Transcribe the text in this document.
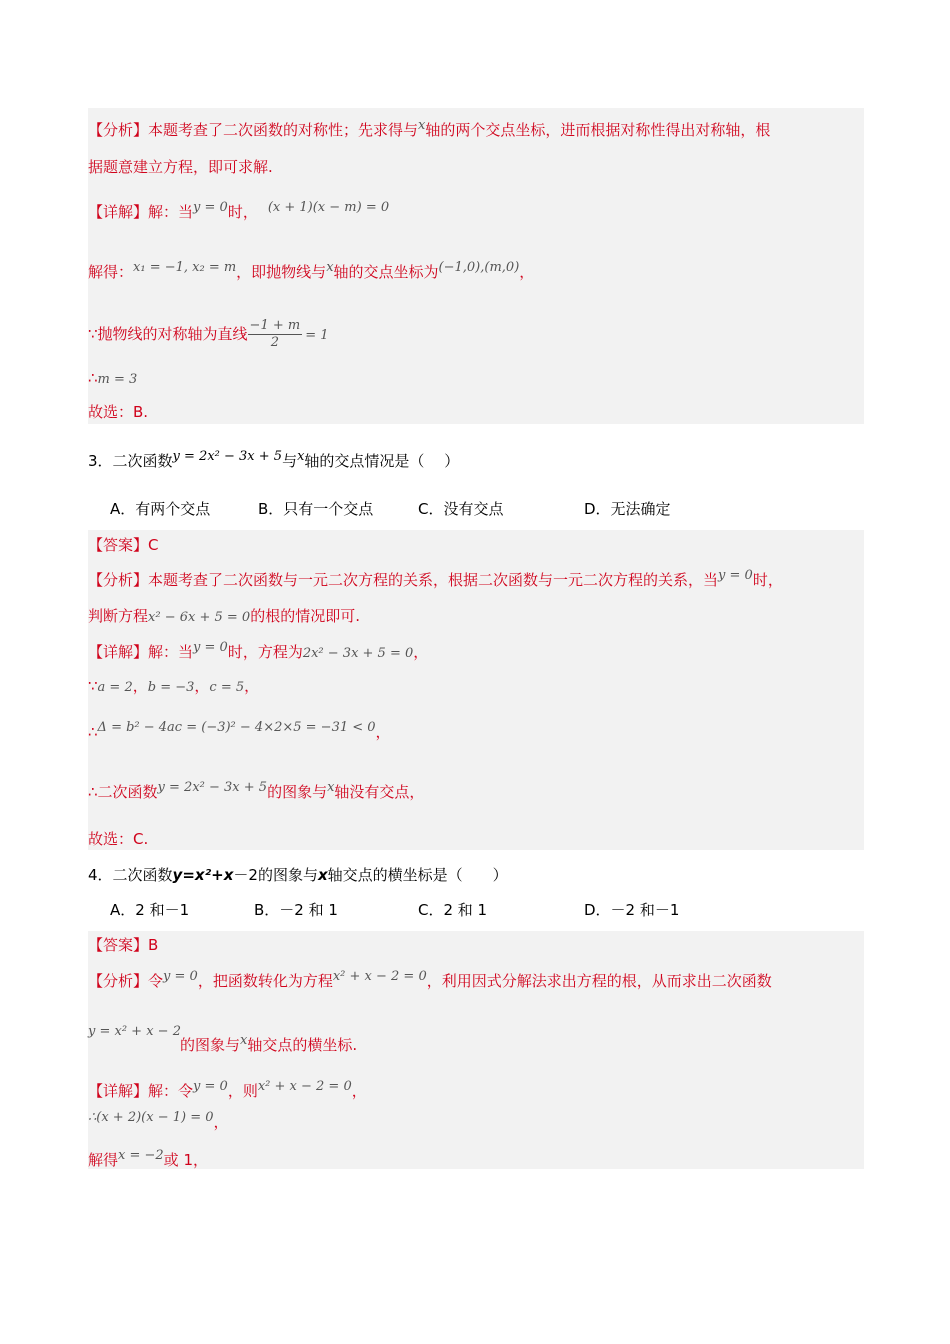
【分析】本题考查了二次函数的对称性；先求得与x轴的两个交点坐标，进而根据对称性得出对称轴，根
据题意建立方程，即可求解.
【详解】解：当y = 0时， (x + 1)(x − m) = 0
解得：x₁ = −1, x₂ = m，即抛物线与x轴的交点坐标为(−1,0),(m,0)，
∵抛物线的对称轴为直线 $\frac{-1 + m}{2} = 1$
∴m = 3
故选：B.
3．二次函数y = 2x² − 3x + 5与x轴的交点情况是（　 ）
A．有两个交点	B．只有一个交点	C．没有交点	D．无法确定
【答案】C
【分析】本题考查了二次函数与一元二次方程的关系，根据二次函数与一元二次方程的关系，当y = 0时，
判断方程x² − 6x + 5 = 0的根的情况即可.
【详解】解：当y = 0时，方程为2x² − 3x + 5 = 0，
∵a = 2，b = −3，c = 5，
∴Δ = b² − 4ac = (−3)² − 4×2×5 = −31 < 0，
∴二次函数y = 2x² − 3x + 5的图象与x轴没有交点，
故选：C.
4．二次函数y=x²+x－2的图象与x轴交点的横坐标是（　　）
A．2 和－1	B．－2 和 1	C．2 和 1	D．－2 和－1
【答案】B
【分析】令y = 0，把函数转化为方程x² + x − 2 = 0，利用因式分解法求出方程的根，从而求出二次函数
y = x² + x − 2
的图象与x轴交点的横坐标.
【详解】解：令y = 0，则x² + x − 2 = 0，
∴(x + 2)(x − 1) = 0，
解得x = −2或 1，
